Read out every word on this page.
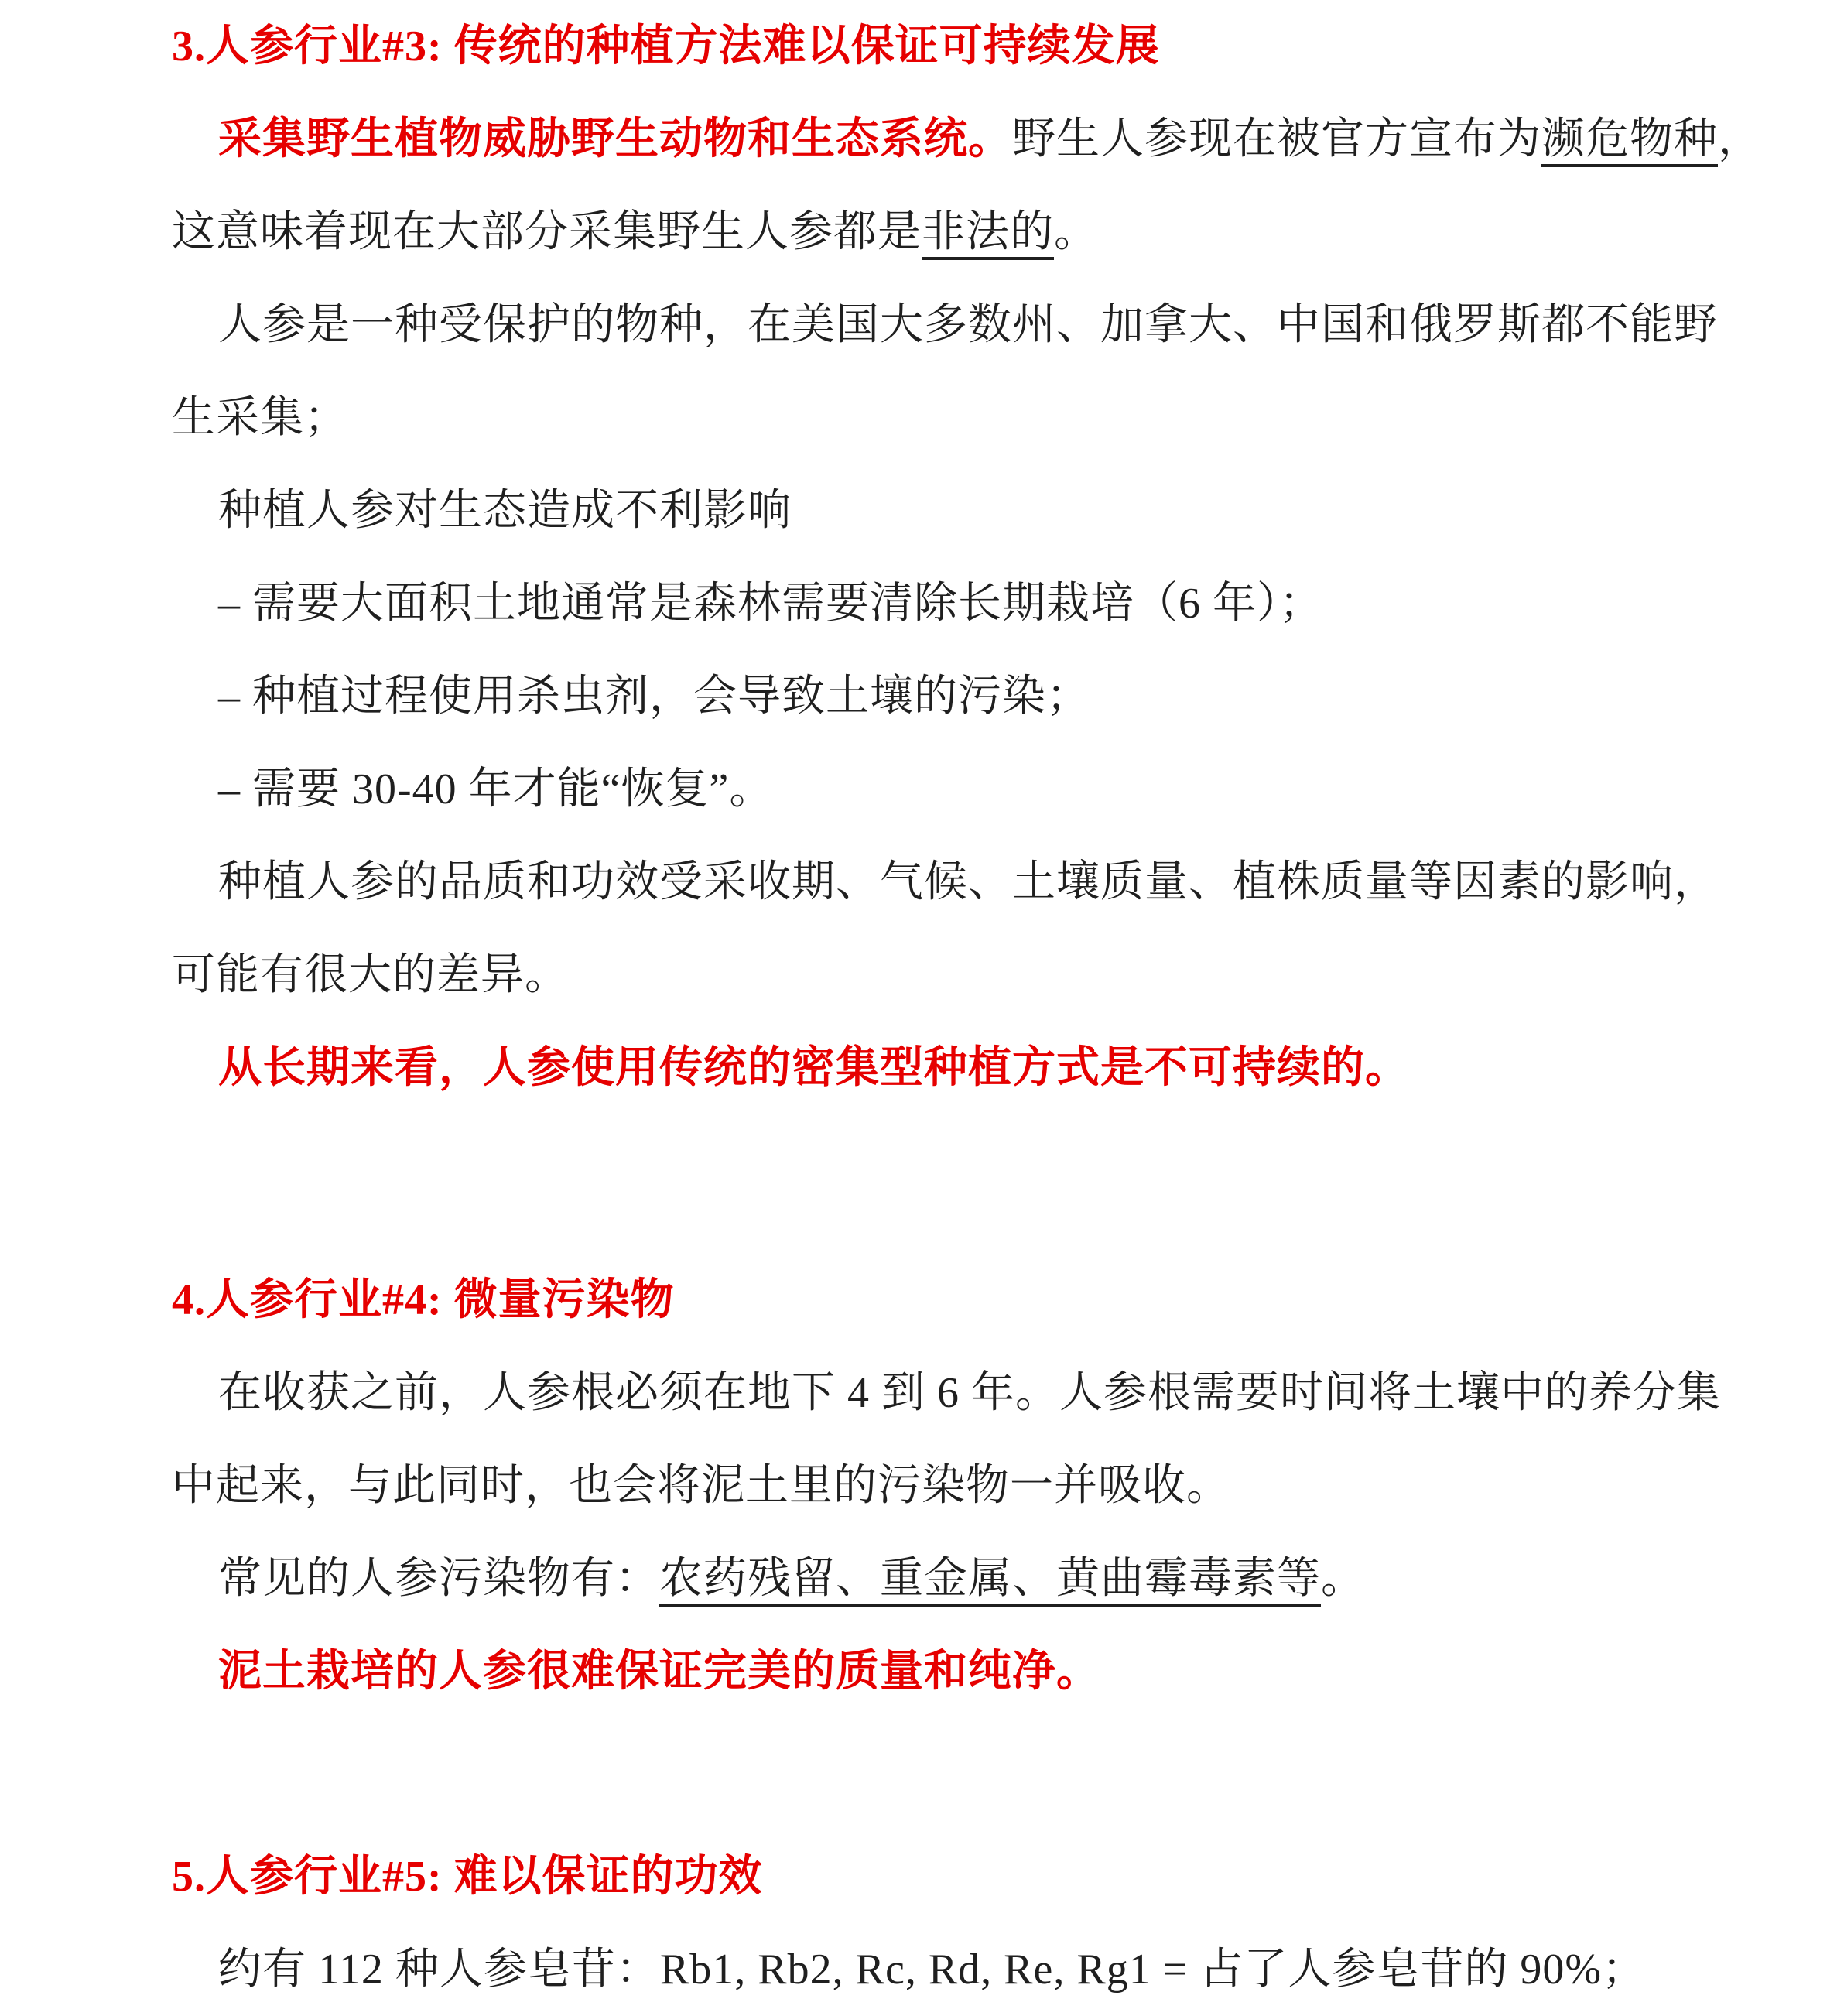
3.人参行业#3: 传统的种植方法难以保证可持续发展

采集野生植物威胁野生动物和生态系统。野生人参现在被官方宣布为濒危物种，

这意味着现在大部分采集野生人参都是非法的。

人参是一种受保护的物种，在美国大多数州、加拿大、中国和俄罗斯都不能野

生采集；

种植人参对生态造成不利影响

– 需要大面积土地通常是森林需要清除长期栽培（6 年）；

– 种植过程使用杀虫剂，会导致土壤的污染；

– 需要 30-40 年才能“恢复”。

种植人参的品质和功效受采收期、气候、土壤质量、植株质量等因素的影响，

可能有很大的差异。

从长期来看，人参使用传统的密集型种植方式是不可持续的。

4.人参行业#4: 微量污染物

在收获之前，人参根必须在地下 4 到 6 年。人参根需要时间将土壤中的养分集

中起来，与此同时，也会将泥土里的污染物一并吸收。

常见的人参污染物有：农药残留、重金属、黄曲霉毒素等。

泥土栽培的人参很难保证完美的质量和纯净。

5.人参行业#5: 难以保证的功效

约有 112 种人参皂苷：Rb1, Rb2, Rc, Rd, Re, Rg1 = 占了人参皂苷的 90%；
